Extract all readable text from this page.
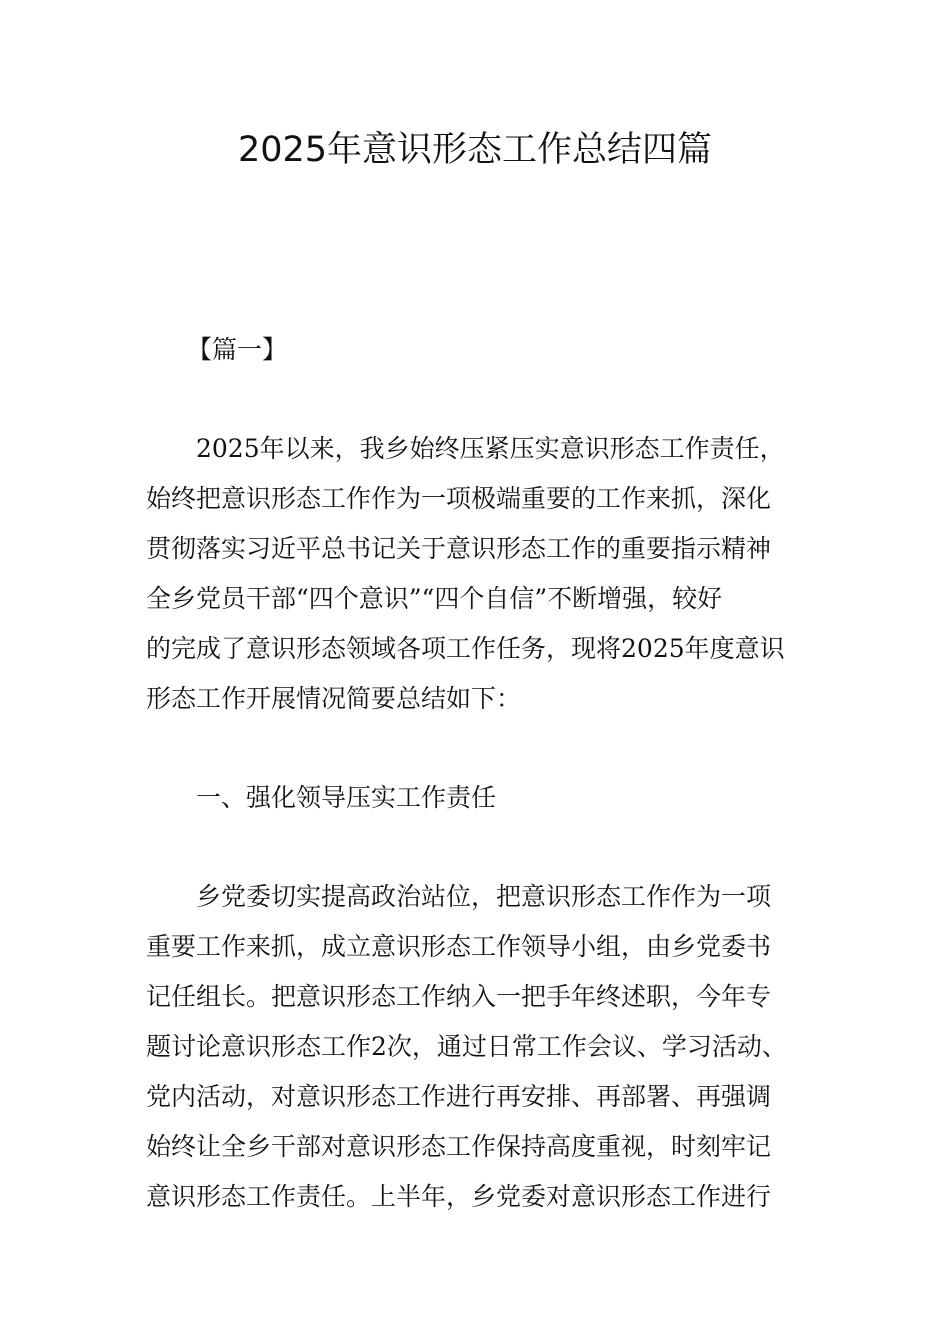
2025年意识形态工作总结四篇
【篇一】
2025年以来，我乡始终压紧压实意识形态工作责任，
始终把意识形态工作作为一项极端重要的工作来抓，深化
贯彻落实习近平总书记关于意识形态工作的重要指示精神
全乡党员干部“四个意识”“四个自信”不断增强，较好
的完成了意识形态领域各项工作任务，现将2025年度意识
形态工作开展情况简要总结如下：
一、强化领导压实工作责任
乡党委切实提高政治站位，把意识形态工作作为一项
重要工作来抓，成立意识形态工作领导小组，由乡党委书
记任组长。把意识形态工作纳入一把手年终述职，今年专
题讨论意识形态工作2次，通过日常工作会议、学习活动、
党内活动，对意识形态工作进行再安排、再部署、再强调
始终让全乡干部对意识形态工作保持高度重视，时刻牢记
意识形态工作责任。上半年，乡党委对意识形态工作进行
